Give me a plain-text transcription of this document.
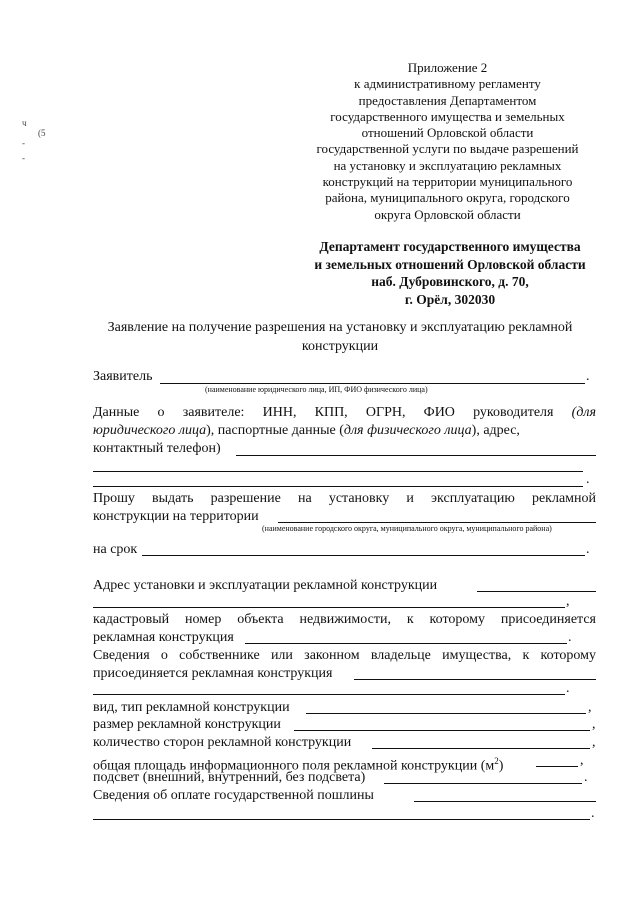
ч
(5
-
-
Приложение 2
к административному регламенту
предоставления Департаментом
государственного имущества и земельных
отношений Орловской области
государственной услуги по выдаче разрешений
на установку и эксплуатацию рекламных
конструкций на территории муниципального
района, муниципального округа, городского
округа Орловской области
Департамент государственного имущества
и земельных отношений Орловской области
наб. Дубровинского, д. 70,
г. Орёл, 302030
Заявление на получение разрешения на установку и эксплуатацию рекламной
конструкции
Заявитель	.
(наименование юридического лица, ИП, ФИО физического лица)
Данные о заявителе: ИНН, КПП, ОГРН, ФИО руководителя (для
юридического лица), паспортные данные (для физического лица), адрес,
контактный телефон)
.
Прошу выдать разрешение на установку и эксплуатацию рекламной
конструкции на территории
(наименование городского округа, муниципального округа, муниципального района)
на срок	.
Адрес установки и эксплуатации рекламной конструкции
,
кадастровый номер объекта недвижимости, к которому присоединяется
рекламная конструкция	.
Сведения о собственнике или законном владельце имущества, к которому
присоединяется рекламная конструкция
.
вид, тип рекламной конструкции	,
размер рекламной конструкции	,
количество сторон рекламной конструкции	,
общая площадь информационного поля рекламной конструкции $(м^2)$	,
подсвет (внешний, внутренний, без подсвета)	.
Сведения об оплате государственной пошлины
.
